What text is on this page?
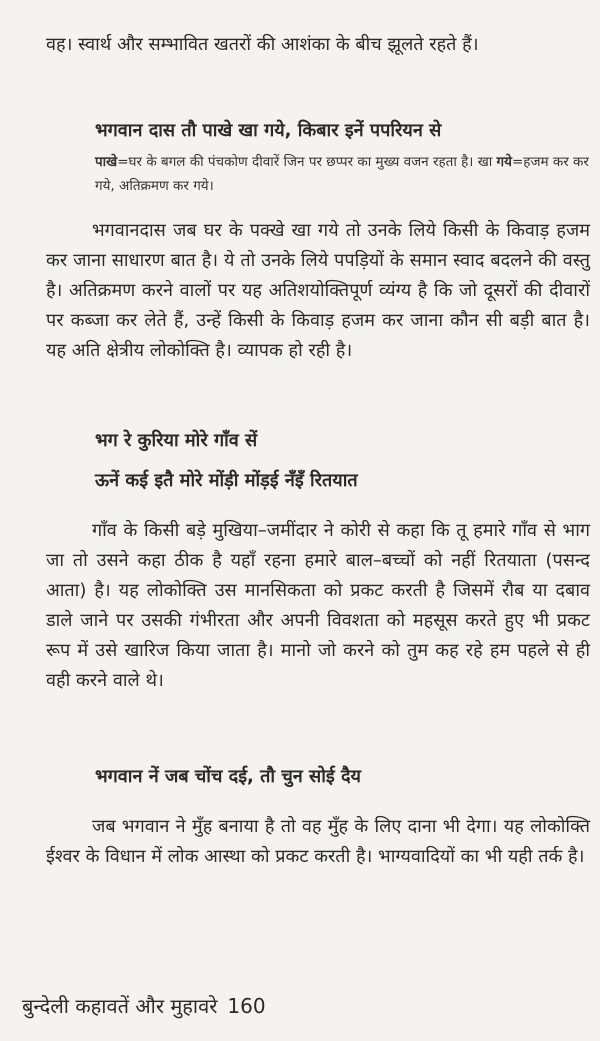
वह। स्वार्थ और सम्भावित खतरों की आशंका के बीच झूलते रहते हैं।

भगवान दास तौ पाखे खा गये, किबार इनें पपरियन से

पाखे=घर के बगल की पंचकोण दीवारें जिन पर छप्पर का मुख्य वजन रहता है। खा गये=हजम कर कर गये, अतिक्रमण कर गये।

भगवानदास जब घर के पक्खे खा गये तो उनके लिये किसी के किवाड़ हजम कर जाना साधारण बात है। ये तो उनके लिये पपड़ियों के समान स्वाद बदलने की वस्तु है। अतिक्रमण करने वालों पर यह अतिशयोक्तिपूर्ण व्यंग्य है कि जो दूसरों की दीवारों पर कब्जा कर लेते हैं, उन्हें किसी के किवाड़ हजम कर जाना कौन सी बड़ी बात है। यह अति क्षेत्रीय लोकोक्ति है। व्यापक हो रही है।

भग रे कुरिया मोरे गाँव सें

ऊनें कई इतै मोरे मोंड़ी मोंड़ई नँइँ रितयात

गाँव के किसी बड़े मुखिया–जमींदार ने कोरी से कहा कि तू हमारे गाँव से भाग जा तो उसने कहा ठीक है यहाँ रहना हमारे बाल–बच्चों को नहीं रितयाता (पसन्द आता) है। यह लोकोक्ति उस मानसिकता को प्रकट करती है जिसमें रौब या दबाव डाले जाने पर उसकी गंभीरता और अपनी विवशता को महसूस करते हुए भी प्रकट रूप में उसे खारिज किया जाता है। मानो जो करने को तुम कह रहे हम पहले से ही वही करने वाले थे।

भगवान नें जब चोंच दई, तौ चुन सोई दैय

जब भगवान ने मुँह बनाया है तो वह मुँह के लिए दाना भी देगा। यह लोकोक्ति ईश्वर के विधान में लोक आस्था को प्रकट करती है। भाग्यवादियों का भी यही तर्क है।

बुन्देली कहावतें और मुहावरे 160
